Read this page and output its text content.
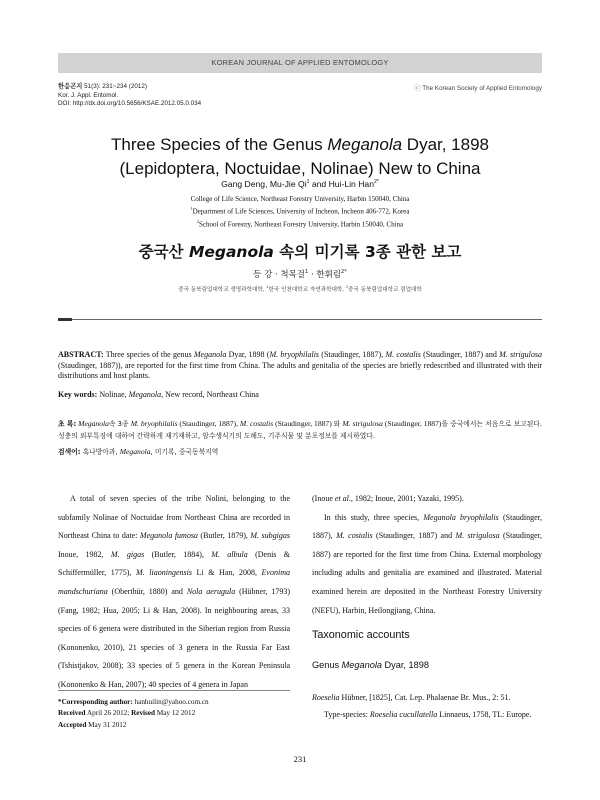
KOREAN JOURNAL OF APPLIED ENTOMOLOGY
한응곤지 51(3): 231~234 (2012)
Kor. J. Appl. Entomol.
DOI: http://dx.doi.org/10.5656/KSAE.2012.05.0.034
ⓒ The Korean Society of Applied Entomology
Three Species of the Genus Meganola Dyar, 1898
(Lepidoptera, Noctuidae, Nolinae) New to China
Gang Deng, Mu-Jie Qi$^1$ and Hui-Lin Han$^{2*}$
College of Life Science, Northeast Forestry University, Harbin 150040, China
$^1$Department of Life Sciences, University of Incheon, Incheon 406-772, Korea
$^2$School of Forestry, Northeast Forestry University, Harbin 150040, China
중국산 Meganola 속의 미기록 3종 관한 보고
등 강 · 척목걸$^1$ · 한휘림$^{2*}$
중국 동북림업대학교 생명과학대학, $^1$한국 인천대학교 자연과학대학, $^2$중국 동북림업대학교 림업대학
ABSTRACT: Three species of the genus Meganola Dyar, 1898 (M. bryophilalis (Staudinger, 1887), M. costalis (Staudinger, 1887) and M. strigulosa (Staudinger, 1887)), are reported for the first time from China. The adults and genitalia of the species are briefly redescribed and illustrated with their distributions and host plants.
Key words: Nolinae, Meganola, New record, Northeast China
초 록: Meganola속 3종 M. bryophilalis (Staudinger, 1887), M. costalis (Staudinger, 1887) 와 M. strigulosa (Staudinger, 1887)을 중국에서는 처음으로 보고된다. 성충의 외부특징에 대하여 간략하게 재기재하고, 암수생식기의 도해도, 기주식물 및 분포정보를 제시하였다.
검색어: 혹나방아과, Meganola, 미기록, 중국동북지역

A total of seven species of the tribe Nolini, belonging to the subfamily Nolinae of Noctuidae from Northeast China are recorded in Northeast China to date: Meganola fumosa (Butler, 1879), M. subgigas Inoue, 1982, M. gigas (Butler, 1884), M. albula (Denis & Schiffermüller, 1775), M. liaoningensis Li & Han, 2008, Evonima mandschuriana (Oberthür, 1880) and Nola aerugula (Hübner, 1793) (Fang, 1982; Hua, 2005; Li & Han, 2008). In neighbouring areas, 33 species of 6 genera were distributed in the Siberian region from Russia (Kononenko, 2010), 21 species of 3 genera in the Russia Far East (Tshistjakov, 2008); 33 species of 5 genera in the Korean Peninsula (Kononenko & Han, 2007); 40 species of 4 genera in Japan

*Corresponding author: hanhuilin@yahoo.com.cn
Received April 26 2012; Revised May 12 2012
Accepted May 31 2012

(Inoue et al., 1982; Inoue, 2001; Yazaki, 1995).

In this study, three species, Meganola bryophilalis (Staudinger, 1887), M. costalis (Staudinger, 1887) and M. strigulosa (Staudinger, 1887) are reported for the first time from China. External morphology including adults and genitalia are examined and illustrated. Material examined herein are deposited in the Northeast Forestry University (NEFU), Harbin, Heilongjiang, China.

Taxonomic accounts
Genus Meganola Dyar, 1898
Roeselia Hübner, [1825], Cat. Lep. Phalaenae Br. Mus., 2: 51.
Type-species: Roeselia cucullatella Linnaeus, 1758, TL: Europe.
231
